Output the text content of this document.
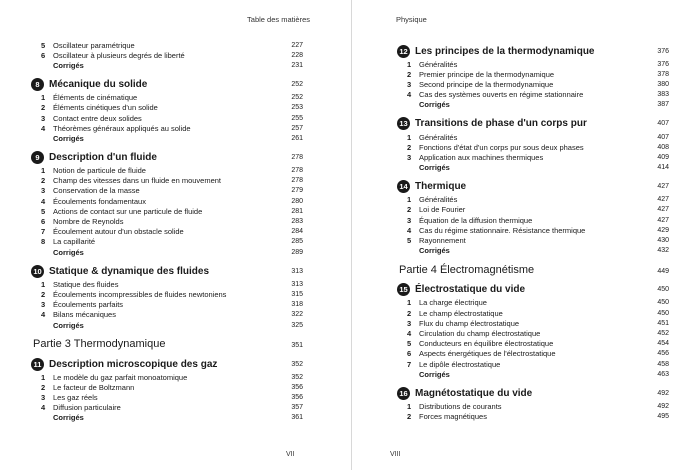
Table des matières
5	Oscillateur paramétrique	227
6	Oscillateur à plusieurs degrés de liberté	228
Corrigés	231
8 Mécanique du solide	252
1	Éléments de cinématique	252
2	Éléments cinétiques d'un solide	253
3	Contact entre deux solides	255
4	Théorèmes généraux appliqués au solide	257
Corrigés	261
9 Description d'un fluide	278
1	Notion de particule de fluide	278
2	Champ des vitesses dans un fluide en mouvement	278
3	Conservation de la masse	279
4	Écoulements fondamentaux	280
5	Actions de contact sur une particule de fluide	281
6	Nombre de Reynolds	283
7	Écoulement autour d'un obstacle solide	284
8	La capillarité	285
Corrigés	289
10 Statique & dynamique des fluides	313
1	Statique des fluides	313
2	Écoulements incompressibles de fluides newtoniens	315
3	Écoulements parfaits	318
4	Bilans mécaniques	322
Corrigés	325
Partie 3 Thermodynamique	351
11 Description microscopique des gaz	352
1	Le modèle du gaz parfait monoatomique	352
2	Le facteur de Boltzmann	356
3	Les gaz réels	356
4	Diffusion particulaire	357
Corrigés	361
VII
Physique
12 Les principes de la thermodynamique	376
1	Généralités	376
2	Premier principe de la thermodynamique	378
3	Second principe de la thermodynamique	380
4	Cas des systèmes ouverts en régime stationnaire	383
Corrigés	387
13 Transitions de phase d'un corps pur	407
1	Généralités	407
2	Fonctions d'état d'un corps pur sous deux phases	408
3	Application aux machines thermiques	409
Corrigés	414
14 Thermique	427
1	Généralités	427
2	Loi de Fourier	427
3	Équation de la diffusion thermique	427
4	Cas du régime stationnaire. Résistance thermique	429
5	Rayonnement	430
Corrigés	432
Partie 4 Électromagnétisme	449
15 Électrostatique du vide	450
1	La charge électrique	450
2	Le champ électrostatique	450
3	Flux du champ électrostatique	451
4	Circulation du champ électrostatique	452
5	Conducteurs en équilibre électrostatique	454
6	Aspects énergétiques de l'électrostatique	456
7	Le dipôle électrostatique	458
Corrigés	463
16 Magnétostatique du vide	492
1	Distributions de courants	492
2	Forces magnétiques	495
VIII
